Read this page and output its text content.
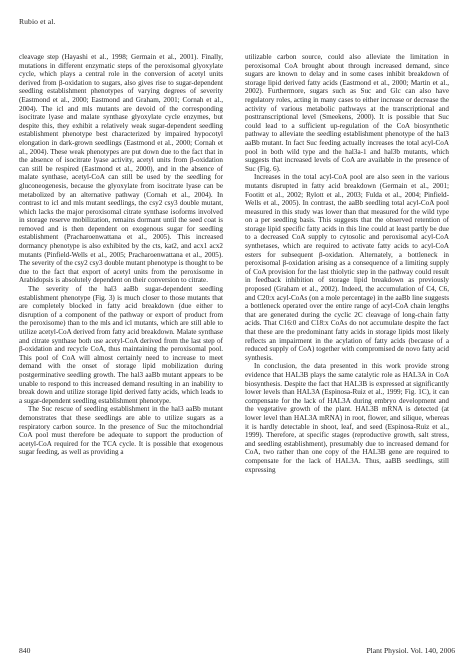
Rubio et al.

cleavage step (Hayashi et al., 1998; Germain et al., 2001). Finally, mutations in different enzymatic steps of the peroxisomal glyoxylate cycle, which plays a central role in the conversion of acetyl units derived from β-oxidation to sugars, also gives rise to sugar-dependent seedling establishment phenotypes of varying degrees of severity (Eastmond et al., 2000; Eastmond and Graham, 2001; Cornah et al., 2004). The icl and mls mutants are devoid of the corresponding isocitrate lyase and malate synthase glyoxylate cycle enzymes, but despite this, they exhibit a relatively weak sugar-dependent seedling establishment phenotype best characterized by impaired hypocotyl elongation in dark-grown seedlings (Eastmond et al., 2000; Cornah et al., 2004). These weak phenotypes are put down due to the fact that in the absence of isocitrate lyase activity, acetyl units from β-oxidation can still be respired (Eastmond et al., 2000), and in the absence of malate synthase, acetyl-CoA can still be used by the seedling for gluconeogenesis, because the glyoxylate from isocitrate lyase can be metabolized by an alternative pathway (Cornah et al., 2004). In contrast to icl and mls mutant seedlings, the csy2 csy3 double mutant, which lacks the major peroxisomal citrate synthase isoforms involved in storage reserve mobilization, remains dormant until the seed coat is removed and is then dependent on exogenous sugar for seedling establishment (Pracharoenwattana et al., 2005). This increased dormancy phenotype is also exhibited by the cts, kat2, and acx1 acx2 mutants (Pinfield-Wells et al., 2005; Pracharoenwattana et al., 2005). The severity of the csy2 csy3 double mutant phenotype is thought to be due to the fact that export of acetyl units from the peroxisome in Arabidopsis is absolutely dependent on their conversion to citrate.

The severity of the hal3 aaBb sugar-dependent seedling establishment phenotype (Fig. 3) is much closer to those mutants that are completely blocked in fatty acid breakdown (due either to disruption of a component of the pathway or export of product from the peroxisome) than to the mls and icl mutants, which are still able to utilize acetyl-CoA derived from fatty acid breakdown. Malate synthase and citrate synthase both use acetyl-CoA derived from the last step of β-oxidation and recycle CoA, thus maintaining the peroxisomal pool. This pool of CoA will almost certainly need to increase to meet demand with the onset of storage lipid mobilization during postgerminative seedling growth. The hal3 aaBb mutant appears to be unable to respond to this increased demand resulting in an inability to break down and utilize storage lipid derived fatty acids, which leads to a sugar-dependent seedling establishment phenotype.

The Suc rescue of seedling establishment in the hal3 aaBb mutant demonstrates that these seedlings are able to utilize sugars as a respiratory carbon source. In the presence of Suc the mitochondrial CoA pool must therefore be adequate to support the production of acetyl-CoA required for the TCA cycle. It is possible that exogenous sugar feeding, as well as providing a

utilizable carbon source, could also alleviate the limitation in peroxisomal CoA brought about through increased demand, since sugars are known to delay and in some cases inhibit breakdown of storage lipid derived fatty acids (Eastmond et al., 2000; Martin et al., 2002). Furthermore, sugars such as Suc and Glc can also have regulatory roles, acting in many cases to either increase or decrease the activity of various metabolic pathways at the transcriptional and posttranscriptional level (Smeekens, 2000). It is possible that Suc could lead to a sufficient up-regulation of the CoA biosynthetic pathway to alleviate the seedling establishment phenotype of the hal3 aaBb mutant. In fact Suc feeding actually increases the total acyl-CoA pool in both wild type and the hal3a-1 and hal3b mutants, which suggests that increased levels of CoA are available in the presence of Suc (Fig. 6).

Increases in the total acyl-CoA pool are also seen in the various mutants disrupted in fatty acid breakdown (Germain et al., 2001; Footitt et al., 2002; Rylott et al., 2003; Fulda et al., 2004; Pinfield-Wells et al., 2005). In contrast, the aaBb seedling total acyl-CoA pool measured in this study was lower than that measured for the wild type on a per seedling basis. This suggests that the observed retention of storage lipid specific fatty acids in this line could at least partly be due to a decreased CoA supply to cytosolic and peroxisomal acyl-CoA synthetases, which are required to activate fatty acids to acyl-CoA esters for subsequent β-oxidation. Alternately, a bottleneck in peroxisomal β-oxidation arising as a consequence of a limiting supply of CoA provision for the last thiolytic step in the pathway could result in feedback inhibition of storage lipid breakdown as previously proposed (Graham et al., 2002). Indeed, the accumulation of C4, C6, and C20:x acyl-CoAs (on a mole percentage) in the aaBb line suggests a bottleneck operated over the entire range of acyl-CoA chain lengths that are generated during the cyclic 2C cleavage of long-chain fatty acids. That C16:0 and C18:x CoAs do not accumulate despite the fact that these are the predominant fatty acids in storage lipids most likely reflects an impairment in the acylation of fatty acids (because of a reduced supply of CoA) together with compromised de novo fatty acid synthesis.

In conclusion, the data presented in this work provide strong evidence that HAL3B plays the same catalytic role as HAL3A in CoA biosynthesis. Despite the fact that HAL3B is expressed at significantly lower levels than HAL3A (Espinosa-Ruiz et al., 1999; Fig. 1C), it can compensate for the lack of HAL3A during embryo development and the vegetative growth of the plant. HAL3B mRNA is detected (at lower level than HAL3A mRNA) in root, flower, and silique, whereas it is hardly detectable in shoot, leaf, and seed (Espinosa-Ruiz et al., 1999). Therefore, at specific stages (reproductive growth, salt stress, and seedling establishment), presumably due to increased demand for CoA, two rather than one copy of the HAL3B gene are required to compensate for the lack of HAL3A. Thus, aaBB seedlings, still expressing

840	Plant Physiol. Vol. 140, 2006
